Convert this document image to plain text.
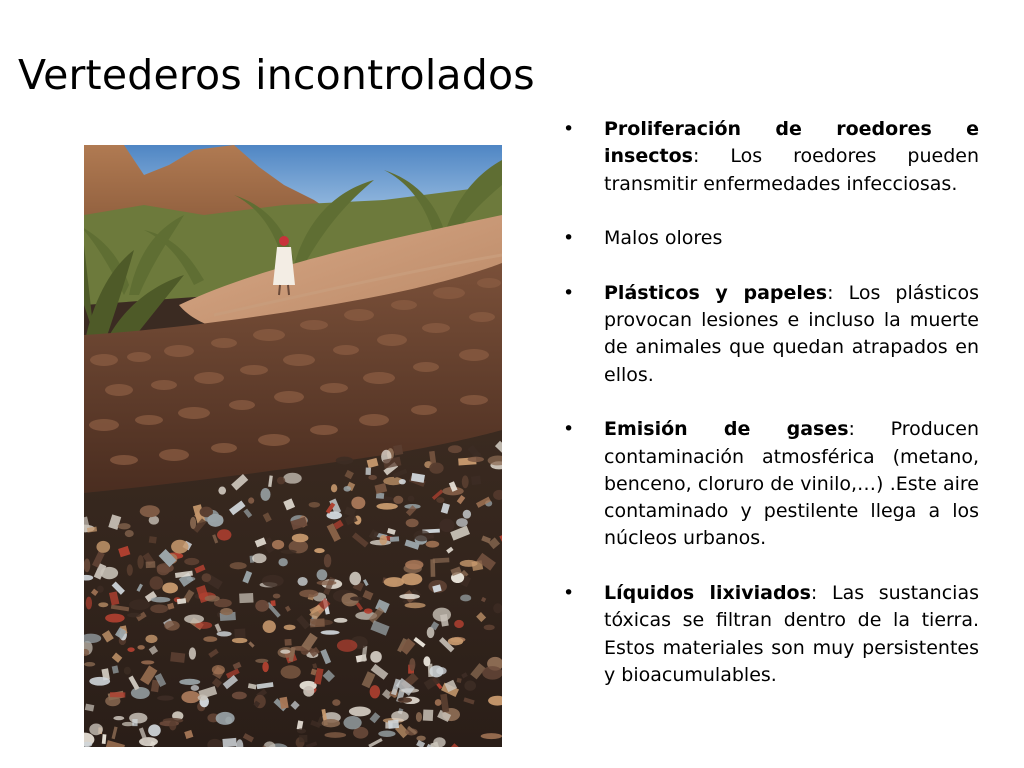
Vertederos incontrolados
• Proliferación de roedores e insectos: Los roedores pueden transmitir enfermedades infecciosas.
• Malos olores
• Plásticos y papeles: Los plásticos provocan lesiones e incluso la muerte de animales que quedan atrapados en ellos.
• Emisión de gases: Producen contaminación atmosférica (metano, benceno, cloruro de vinilo,…) .Este aire contaminado y pestilente llega a los núcleos urbanos.
• Líquidos lixiviados: Las sustancias tóxicas se filtran dentro de la tierra. Estos materiales son muy persistentes y bioacumulables.
